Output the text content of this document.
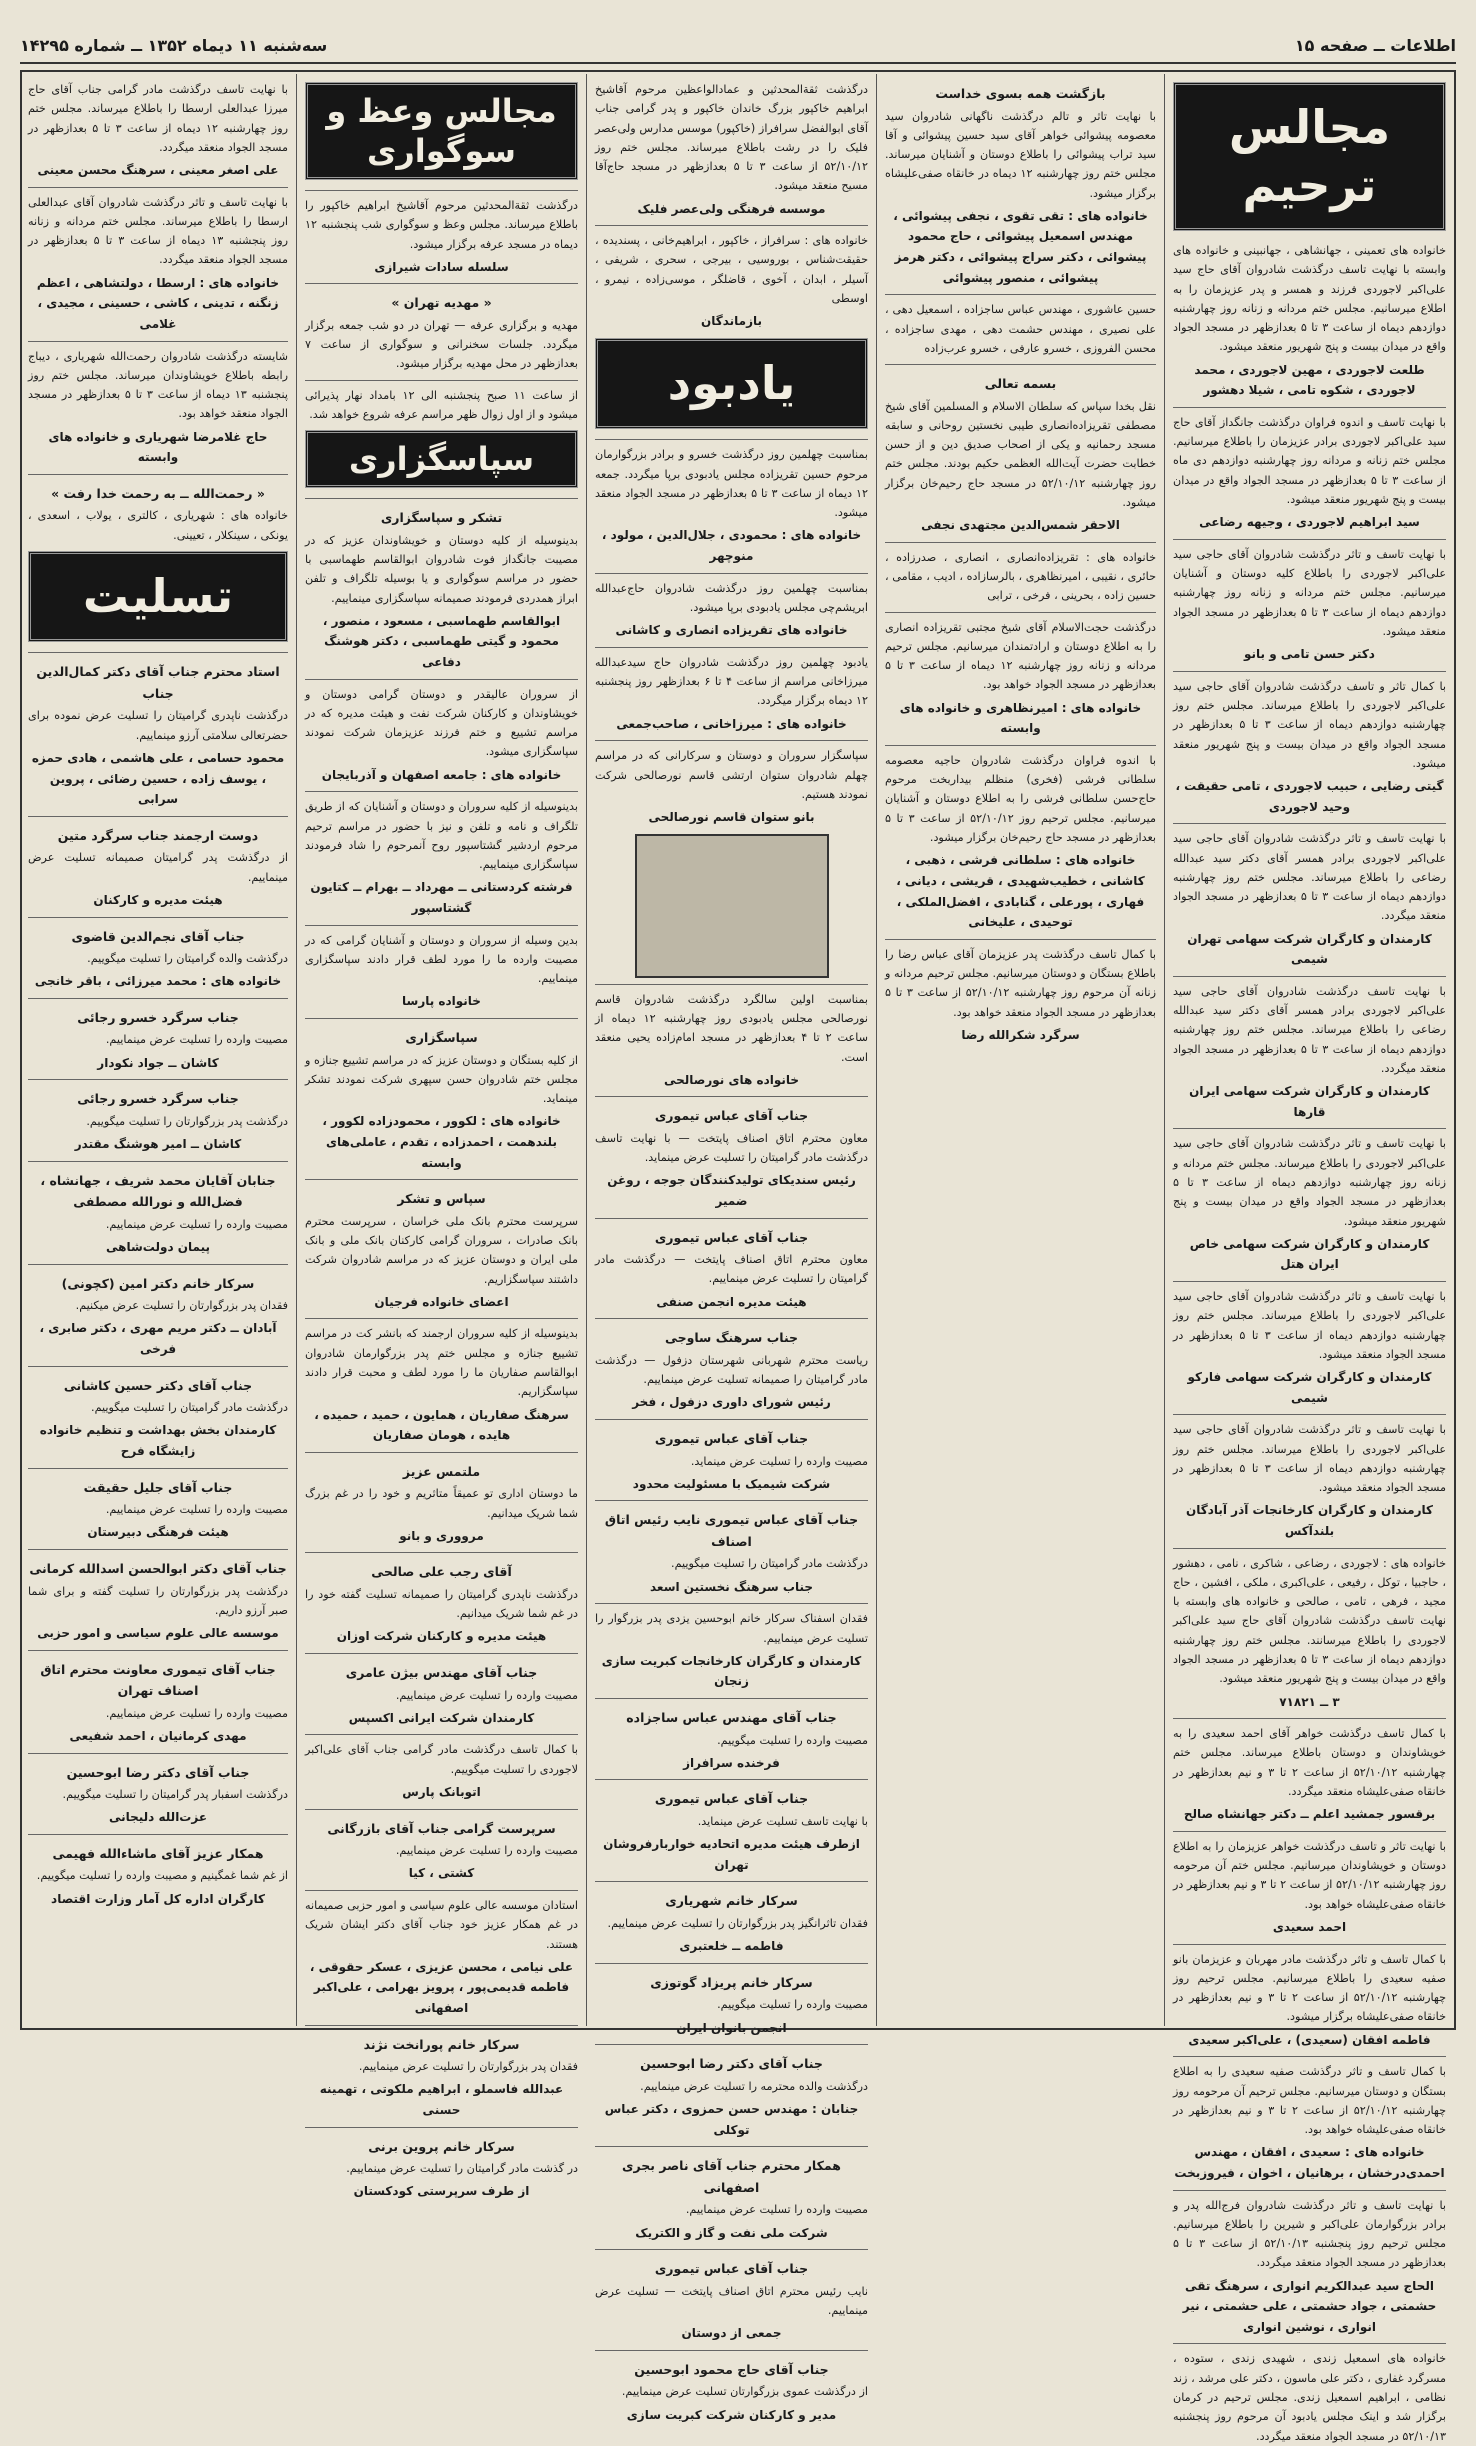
اطلاعات ــ صفحه ۱۵
سه‌شنبه ۱۱ دیماه ۱۳۵۲ ــ شماره ۱۴۲۹۵
مجالس ترحیم

خانواده های تعمینی ، جهانشاهی ، جهانبینی و خانواده های وابسته با نهایت تاسف درگذشت شادروان آقای حاج سید علی‌اکبر لاجوردی فرزند و همسر و پدر عزیزمان را به اطلاع میرسانیم. مجلس ختم مردانه و زنانه روز چهارشنبه دوازدهم دیماه از ساعت ۳ تا ۵ بعدازظهر در مسجد الجواد واقع در میدان بیست و پنج شهریور منعقد میشود.

طلعت لاجوردی ، مهین لاجوردی ، محمد لاجوردی ، شکوه تامی ، شیلا دهشور

با نهایت تاسف و اندوه فراوان درگذشت جانگداز آقای حاج سید علی‌اکبر لاجوردی برادر عزیزمان را باطلاع میرسانیم. مجلس ختم زنانه و مردانه روز چهارشنبه دوازدهم دی ماه از ساعت ۳ تا ۵ بعدازظهر در مسجد الجواد واقع در میدان بیست و پنج شهریور منعقد میشود.

سید ابراهیم لاجوردی ، وجیهه رضاعی

با نهایت تاسف و تاثر درگذشت شادروان آقای حاجی سید علی‌اکبر لاجوردی را باطلاع کلیه دوستان و آشنایان میرسانیم. مجلس ختم مردانه و زنانه روز چهارشنبه دوازدهم دیماه از ساعت ۳ تا ۵ بعدازظهر در مسجد الجواد منعقد میشود.

دکتر حسن تامی و بانو

با کمال تاثر و تاسف درگذشت شادروان آقای حاجی سید علی‌اکبر لاجوردی را باطلاع میرساند. مجلس ختم روز چهارشنبه دوازدهم دیماه از ساعت ۳ تا ۵ بعدازظهر در مسجد الجواد واقع در میدان بیست و پنج شهریور منعقد میشود.

گیتی رضایی ، حبیب لاجوردی ، تامی حقیقت ، وحید لاجوردی

با نهایت تاسف و تاثر درگذشت شادروان آقای حاجی سید علی‌اکبر لاجوردی برادر همسر آقای دکتر سید عبدالله رضاعی را باطلاع میرساند. مجلس ختم روز چهارشنبه دوازدهم دیماه از ساعت ۳ تا ۵ بعدازظهر در مسجد الجواد منعقد میگردد.

کارمندان و کارگران شرکت سهامی تهران شیمی

با نهایت تاسف درگذشت شادروان آقای حاجی سید علی‌اکبر لاجوردی برادر همسر آقای دکتر سید عبدالله رضاعی را باطلاع میرساند. مجلس ختم روز چهارشنبه دوازدهم دیماه از ساعت ۳ تا ۵ بعدازظهر در مسجد الجواد منعقد میگردد.

کارمندان و کارگران شرکت سهامی ایران قارها

با نهایت تاسف و تاثر درگذشت شادروان آقای حاجی سید علی‌اکبر لاجوردی را باطلاع میرساند. مجلس ختم مردانه و زنانه روز چهارشنبه دوازدهم دیماه از ساعت ۳ تا ۵ بعدازظهر در مسجد الجواد واقع در میدان بیست و پنج شهریور منعقد میشود.

کارمندان و کارگران شرکت سهامی خاص ایران هتل

با نهایت تاسف و تاثر درگذشت شادروان آقای حاجی سید علی‌اکبر لاجوردی را باطلاع میرساند. مجلس ختم روز چهارشنبه دوازدهم دیماه از ساعت ۳ تا ۵ بعدازظهر در مسجد الجواد منعقد میشود.

کارمندان و کارگران شرکت سهامی فارکو شیمی

با نهایت تاسف و تاثر درگذشت شادروان آقای حاجی سید علی‌اکبر لاجوردی را باطلاع میرساند. مجلس ختم روز چهارشنبه دوازدهم دیماه از ساعت ۳ تا ۵ بعدازظهر در مسجد الجواد منعقد میشود.

کارمندان و کارگران کارخانجات آذر آبادگان بلندآکس

خانواده های : لاجوردی ، رضاعی ، شاکری ، نامی ، دهشور ، حاجبیا ، توکل ، رفیعی ، علی‌اکبری ، ملکی ، افشین ، حاج مجید ، فرهی ، تامی ، صالحی و خانواده های وابسته با نهایت تاسف درگذشت شادروان آقای حاج سید علی‌اکبر لاجوردی را باطلاع میرسانند. مجلس ختم روز چهارشنبه دوازدهم دیماه از ساعت ۳ تا ۵ بعدازظهر در مسجد الجواد واقع در میدان بیست و پنج شهریور منعقد میشود.

۳ ــ ۷۱۸۲۱

با کمال تاسف درگذشت خواهر آقای احمد سعیدی را به خویشاوندان و دوستان باطلاع میرساند. مجلس ختم چهارشنبه ۵۲/۱۰/۱۲ از ساعت ۲ تا ۳ و نیم بعدازظهر در خانقاه صفی‌علیشاه منعقد میگردد.

برقسور جمشید اعلم ــ دکتر جهانشاه صالح

با نهایت تاثر و تاسف درگذشت خواهر عزیزمان را به اطلاع دوستان و خویشاوندان میرسانیم. مجلس ختم آن مرحومه روز چهارشنبه ۵۲/۱۰/۱۲ از ساعت ۲ تا ۳ و نیم بعدازظهر در خانقاه صفی‌علیشاه خواهد بود.

احمد سعیدی

با کمال تاسف و تاثر درگذشت مادر مهربان و عزیزمان بانو صفیه سعیدی را باطلاع میرسانیم. مجلس ترحیم روز چهارشنبه ۵۲/۱۰/۱۲ از ساعت ۲ تا ۳ و نیم بعدازظهر در خانقاه صفی‌علیشاه برگزار میشود.

فاطمه افقان (سعیدی) ، علی‌اکبر سعیدی

با کمال تاسف و تاثر درگذشت صفیه سعیدی را به اطلاع بستگان و دوستان میرسانیم. مجلس ترحیم آن مرحومه روز چهارشنبه ۵۲/۱۰/۱۲ از ساعت ۲ تا ۳ و نیم بعدازظهر در خانقاه صفی‌علیشاه خواهد بود.

خانواده های : سعیدی ، افقان ، مهندس احمدی‌درخشان ، برهانیان ، اخوان ، فیروزبخت

با نهایت تاسف و تاثر درگذشت شادروان فرج‌الله پدر و برادر بزرگوارمان علی‌اکبر و شیرین را باطلاع میرسانیم. مجلس ترحیم روز پنجشنبه ۵۲/۱۰/۱۳ از ساعت ۳ تا ۵ بعدازظهر در مسجد الجواد منعقد میگردد.

الحاج سید عبدالکریم انواری ، سرهنگ تقی حشمتی ، جواد حشمتی ، علی حشمتی ، نیر انواری ، نوشین انواری

خانواده های اسمعیل زندی ، شهیدی زندی ، ستوده ، مسرگرد غفاری ، دکتر علی ماسون ، دکتر علی مرشد ، زند نظامی ، ابراهیم اسمعیل زندی. مجلس ترحیم در کرمان برگزار شد و اینک مجلس یادبود آن مرحوم روز پنجشنبه ۵۲/۱۰/۱۳ در مسجد الجواد منعقد میگردد.

بازگشت همه بسوی خداست

با نهایت تاثر و تالم درگذشت ناگهانی شادروان سید معصومه پیشوائی خواهر آقای سید حسین پیشوائی و آقا سید تراب پیشوائی را باطلاع دوستان و آشنایان میرساند. مجلس ختم روز چهارشنبه ۱۲ دیماه در خانقاه صفی‌علیشاه برگزار میشود.

خانواده های : تقی تقوی ، نجفی پیشوائی ، مهندس اسمعیل پیشوائی ، حاج محمود پیشوائی ، دکتر سراج پیشوائی ، دکتر هرمز پیشوائی ، منصور پیشوائی

حسین عاشوری ، مهندس عباس ساجزاده ، اسمعیل دهی ، علی نصیری ، مهندس حشمت دهی ، مهدی ساجزاده ، محسن الفروزی ، خسرو عارفی ، خسرو عرب‌زاده

بسمه تعالی

نقل بخدا سپاس که سلطان الاسلام و المسلمین آقای شیخ مصطفی تقریزاده‌انصاری طیبی نخستین روحانی و سابقه مسجد رحمانیه و یکی از اصحاب صدیق دین و از حسن خطابت حضرت آیت‌الله العظمی حکیم بودند. مجلس ختم روز چهارشنبه ۵۲/۱۰/۱۲ در مسجد حاج رحیم‌خان برگزار میشود.

الاحقر شمس‌الدین مجتهدی نجفی

خانواده های : تقریزاده‌انصاری ، انصاری ، صدرزاده ، حائری ، نقیبی ، امیرنظاهری ، بالرسازاده ، ادیب ، مقامی ، حسین زاده ، بحرینی ، فرخی ، ترابی

درگذشت حجت‌الاسلام آقای شیخ مجتبی تقریزاده انصاری را به اطلاع دوستان و ارادتمندان میرسانیم. مجلس ترحیم مردانه و زنانه روز چهارشنبه ۱۲ دیماه از ساعت ۳ تا ۵ بعدازظهر در مسجد الجواد خواهد بود.

خانواده های : امیرنظاهری و خانواده های وابسته

با اندوه فراوان درگذشت شادروان حاجیه معصومه سلطانی فرشی (فخری) منظلم بیداربخت مرحوم حاج‌حسن سلطانی فرشی را به اطلاع دوستان و آشنایان میرسانیم. مجلس ترحیم روز ۵۲/۱۰/۱۲ از ساعت ۳ تا ۵ بعدازظهر در مسجد حاج رحیم‌خان برگزار میشود.

خانواده های : سلطانی فرشی ، ذهبی ، کاشانی ، خطیب‌شهیدی ، قریشی ، دیانی ، فهاری ، پورعلی ، گنابادی ، افضل‌الملکی ، توحیدی ، علیخانی

با کمال تاسف درگذشت پدر عزیزمان آقای عباس رضا را باطلاع بستگان و دوستان میرسانیم. مجلس ترحیم مردانه و زنانه آن مرحوم روز چهارشنبه ۵۲/۱۰/۱۲ از ساعت ۳ تا ۵ بعدازظهر در مسجد الجواد منعقد خواهد بود.

سرگرد شکرالله رضا

درگذشت ثقةالمحدثین و عمادالواعظین مرحوم آقاشیخ ابراهیم خاکپور بزرگ خاندان خاکپور و پدر گرامی جناب آقای ابوالفضل سرافراز (خاکپور) موسس مدارس ولی‌عصر فلیک را در رشت باطلاع میرساند. مجلس ختم روز ۵۲/۱۰/۱۲ از ساعت ۳ تا ۵ بعدازظهر در مسجد حاج‌آقا مسیح منعقد میشود.

موسسه فرهنگی ولی‌عصر فلیک

خانواده های : سرافراز ، خاکپور ، ابراهیم‌خانی ، پسندیده ، حقیقت‌شناس ، بوروسیی ، بیرجی ، سحری ، شریفی ، آسیلر ، ابدان ، آخوی ، قاضلگر ، موسی‌زاده ، نیمرو ، اوسطی

بازماندگان
یادبود

بمناسبت چهلمین روز درگذشت خسرو و برادر بزرگوارمان مرحوم حسین تقریزاده مجلس یادبودی برپا میگردد. جمعه ۱۲ دیماه از ساعت ۳ تا ۵ بعدازظهر در مسجد الجواد منعقد میشود.

خانواده های : محمودی ، جلال‌الدین ، مولود ، منوچهر

بمناسبت چهلمین روز درگذشت شادروان حاج‌عبدالله ابریشم‌چی مجلس یادبودی برپا میشود.

خانواده های تقریزاده انصاری و کاشانی

یادبود چهلمین روز درگذشت شادروان حاج سیدعبدالله میرزاخانی مراسم از ساعت ۴ تا ۶ بعدازظهر روز پنجشنبه ۱۲ دیماه برگزار میگردد.

خانواده های : میرزاخانی ، صاحب‌جمعی

سپاسگزار سروران و دوستان و سرکارانی که در مراسم چهلم شادروان ستوان ارتشی قاسم نورصالحی شرکت نمودند هستیم.

بانو ستوان قاسم نورصالحی

بمناسبت اولین سالگرد درگذشت شادروان قاسم نورصالحی مجلس یادبودی روز چهارشنبه ۱۲ دیماه از ساعت ۲ تا ۴ بعدازظهر در مسجد امام‌زاده یحیی منعقد است.

خانواده های نورصالحی
جناب آقای عباس تیموری

معاون محترم اتاق اصناف پایتخت — با نهایت تاسف درگذشت مادر گرامیتان را تسلیت عرض مینماید.

رئیس سندیکای تولیدکنندگان جوجه ، روغن ضمیر
جناب آقای عباس تیموری

معاون محترم اتاق اصناف پایتخت — درگذشت مادر گرامیتان را تسلیت عرض مینماییم.

هیئت مدیره انجمن صنفی
جناب سرهنگ ساوجی

ریاست محترم شهربانی شهرستان دزفول — درگذشت مادر گرامیتان را صمیمانه تسلیت عرض مینماییم.

رئیس شورای داوری دزفول ، فخر
جناب آقای عباس تیموری

مصیبت وارده را تسلیت عرض مینماید.

شرکت شیمیک با مسئولیت محدود
جناب آقای عباس تیموری نایب رئیس اتاق اصناف

درگذشت مادر گرامیتان را تسلیت میگوییم.

جناب سرهنگ نخستین اسعد

فقدان اسفناک سرکار خانم ابوحسین یزدی پدر بزرگوار را تسلیت عرض مینماییم.

کارمندان و کارگران کارخانجات کبریت سازی زنجان
جناب آقای مهندس عباس ساجزاده

مصیبت وارده را تسلیت میگوییم.

فرخنده سرافراز
جناب آقای عباس تیموری

با نهایت تاسف تسلیت عرض مینماید.

ازطرف هیئت مدیره اتحادیه خواربارفروشان تهران
سرکار خانم شهریاری

فقدان تاثرانگیز پدر بزرگوارتان را تسلیت عرض مینماییم.

فاطمه ــ خلعتبری
سرکار خانم پریزاد گوتوزی

مصیبت وارده را تسلیت میگوییم.

انجمن بانوان ایران
جناب آقای دکتر رضا ابوحسین

درگذشت والده محترمه را تسلیت عرض مینماییم.

جنابان : مهندس حسن حمزوی ، دکتر عباس توکلی
همکار محترم جناب آقای ناصر بجری اصفهانی

مصیبت وارده را تسلیت عرض مینماییم.

شرکت ملی نفت و گاز و الکتریک
جناب آقای عباس تیموری

نایب رئیس محترم اتاق اصناف پایتخت — تسلیت عرض مینماییم.

جمعی از دوستان
جناب آقای حاج محمود ابوحسین

از درگذشت عموی بزرگوارتان تسلیت عرض مینماییم.

مدیر و کارکنان شرکت کبریت سازی
مجالس وعظ و سوگواری

درگذشت ثقةالمحدثین مرحوم آقاشیخ ابراهیم خاکپور را باطلاع میرساند. مجلس وعظ و سوگواری شب پنجشنبه ۱۲ دیماه در مسجد عرفه برگزار میشود.

سلسله سادات شیرازی
« مهدیه تهران »

مهدیه و برگزاری عرفه — تهران در دو شب جمعه برگزار میگردد. جلسات سخنرانی و سوگواری از ساعت ۷ بعدازظهر در محل مهدیه برگزار میشود.

از ساعت ۱۱ صبح پنجشنبه الی ۱۲ بامداد نهار پذیرائی میشود و از اول زوال ظهر مراسم عرفه شروع خواهد شد.

سپاسگزاری
تشکر و سپاسگزاری

بدینوسیله از کلیه دوستان و خویشاوندان عزیز که در مصیبت جانگداز فوت شادروان ابوالقاسم طهماسبی با حضور در مراسم سوگواری و یا بوسیله تلگراف و تلفن ابراز همدردی فرمودند صمیمانه سپاسگزاری مینماییم.

ابوالقاسم طهماسبی ، مسعود ، منصور ، محمود و گیتی طهماسبی ، دکتر هوشنگ دفاعی

از سروران عالیقدر و دوستان گرامی دوستان و خویشاوندان و کارکنان شرکت نفت و هیئت مدیره که در مراسم تشییع و ختم فرزند عزیزمان شرکت نمودند سپاسگزاری میشود.

خانواده های : جامعه اصفهان و آذربایجان

بدینوسیله از کلیه سروران و دوستان و آشنایان که از طریق تلگراف و نامه و تلفن و نیز با حضور در مراسم ترحیم مرحوم اردشیر گشتاسپور روح آنمرحوم را شاد فرمودند سپاسگزاری مینماییم.

فرشته کردستانی ــ مهرداد ــ بهرام ــ کتایون گشتاسپور

بدین وسیله از سروران و دوستان و آشنایان گرامی که در مصیبت وارده ما را مورد لطف قرار دادند سپاسگزاری مینماییم.

خانواده پارسا
سپاسگزاری

از کلیه بستگان و دوستان عزیز که در مراسم تشییع جنازه و مجلس ختم شادروان حسن سپهری شرکت نمودند تشکر مینماید.

خانواده های : لکوور ، محمودزاده لکوور ، بلندهمت ، احمدزاده ، تقدم ، عاملی‌های وابسته
سپاس و تشکر

سرپرست محترم بانک ملی خراسان ، سرپرست محترم بانک صادرات ، سروران گرامی کارکنان بانک ملی و بانک ملی ایران و دوستان عزیز که در مراسم شادروان شرکت داشتند سپاسگزاریم.

اعضای خانواده فرجیان

بدینوسیله از کلیه سروران ارجمند که بانشر کت در مراسم تشییع جنازه و مجلس ختم پدر بزرگوارمان شادروان ابوالقاسم صفاریان ما را مورد لطف و محبت قرار دادند سپاسگزاریم.

سرهنگ صفاریان ، همایون ، حمید ، حمیده ، هایده ، هومان صفاریان
ملتمس عزیز

ما دوستان اداری تو عمیقاً متاثریم و خود را در غم بزرگ شما شریک میدانیم.

مرووری و بانو
آقای رجب علی صالحی

درگذشت ناپدری گرامیتان را صمیمانه تسلیت گفته خود را در غم شما شریک میدانیم.

هیئت مدیره و کارکنان شرکت اوزان
جناب آقای مهندس بیژن عامری

مصیبت وارده را تسلیت عرض مینماییم.

کارمندان شرکت ایرانی اکسپس

با کمال تاسف درگذشت مادر گرامی جناب آقای علی‌اکبر لاجوردی را تسلیت میگوییم.

اتوبانک پارس
سرپرست گرامی جناب آقای بازرگانی

مصیبت وارده را تسلیت عرض مینماییم.

کشتی ، کیا

استادان موسسه عالی علوم سیاسی و امور حزبی صمیمانه در غم همکار عزیز خود جناب آقای دکتر ایشان شریک هستند.

علی نیامی ، محسن عزیزی ، عسکر حقوقی ، فاطمه قدیمی‌پور ، پرویز بهرامی ، علی‌اکبر اصفهانی
سرکار خانم پورانخت نژند

فقدان پدر بزرگوارتان را تسلیت عرض مینماییم.

عبدالله فاسملو ، ابراهیم ملکوتی ، تهمینه حسنی
سرکار خانم پروین برنی

در گذشت مادر گرامیتان را تسلیت عرض مینماییم.

از طرف سرپرستی کودکستان

با نهایت تاسف درگذشت مادر گرامی جناب آقای حاج میرزا عبدالعلی ارسطا را باطلاع میرساند. مجلس ختم روز چهارشنبه ۱۲ دیماه از ساعت ۳ تا ۵ بعدازظهر در مسجد الجواد منعقد میگردد.

علی اصغر معینی ، سرهنگ محسن معینی

با نهایت تاسف و تاثر درگذشت شادروان آقای عبدالعلی ارسطا را باطلاع میرساند. مجلس ختم مردانه و زنانه روز پنجشنبه ۱۳ دیماه از ساعت ۳ تا ۵ بعدازظهر در مسجد الجواد منعقد میگردد.

خانواده های : ارسطا ، دولتشاهی ، اعظم زنگنه ، تدینی ، کاشی ، حسینی ، مجیدی ، غلامی

شایسته درگذشت شادروان رحمت‌الله شهریاری ، دیباج رابطه باطلاع خویشاوندان میرساند. مجلس ختم روز پنجشنبه ۱۳ دیماه از ساعت ۳ تا ۵ بعدازظهر در مسجد الجواد منعقد خواهد بود.

حاج غلامرضا شهریاری و خانواده های وابسته
« رحمت‌الله ــ به رحمت خدا رفت »

خانواده های : شهریاری ، کالتری ، یولاب ، اسعدی ، یونکی ، سینکلار ، تعیینی.

تسلیت
استاد محترم جناب آقای دکتر کمال‌الدین جناب

درگذشت ناپدری گرامیتان را تسلیت عرض نموده برای حضرتعالی سلامتی آرزو مینماییم.

محمود حسامی ، علی هاشمی ، هادی حمزه ، یوسف زاده ، حسین رضائی ، پروین سرابی
دوست ارجمند جناب سرگرد متین

از درگذشت پدر گرامیتان صمیمانه تسلیت عرض مینماییم.

هیئت مدیره و کارکنان
جناب آقای نجم‌الدین قاضوی

درگذشت والده گرامیتان را تسلیت میگوییم.

خانواده های : محمد میرزائی ، باقر خانجی
جناب سرگرد خسرو رجائی

مصیبت وارده را تسلیت عرض مینماییم.

کاشان ــ جواد نکودار
جناب سرگرد خسرو رجائی

درگذشت پدر بزرگوارتان را تسلیت میگوییم.

کاشان ــ امیر هوشنگ مقتدر
جنابان آقایان محمد شریف ، جهانشاه ، فضل‌الله و نورالله مصطفی

مصیبت وارده را تسلیت عرض مینماییم.

پیمان دولت‌شاهی
سرکار خانم دکتر امین (کچونی)

فقدان پدر بزرگوارتان را تسلیت عرض میکنیم.

آبادان ــ دکتر مریم مهری ، دکتر صابری ، فرخی
جناب آقای دکتر حسین کاشانی

درگذشت مادر گرامیتان را تسلیت میگوییم.

کارمندان بخش بهداشت و تنظیم خانواده زایشگاه فرح
جناب آقای جلیل حقیقت

مصیبت وارده را تسلیت عرض مینماییم.

هیئت فرهنگی دبیرستان
جناب آقای دکتر ابوالحسن اسدالله کرمانی

درگذشت پدر بزرگوارتان را تسلیت گفته و برای شما صبر آرزو داریم.

موسسه عالی علوم سیاسی و امور حزبی
جناب آقای تیموری معاونت محترم اتاق اصناف تهران

مصیبت وارده را تسلیت عرض مینماییم.

مهدی کرمانیان ، احمد شفیعی
جناب آقای دکتر رضا ابوحسین

درگذشت اسفبار پدر گرامیتان را تسلیت میگوییم.

عزت‌الله دلیجانی
همکار عزیز آقای ماشاءالله فهیمی

از غم شما غمگینیم و مصیبت وارده را تسلیت میگوییم.

کارگران اداره کل آمار وزارت اقتصاد
